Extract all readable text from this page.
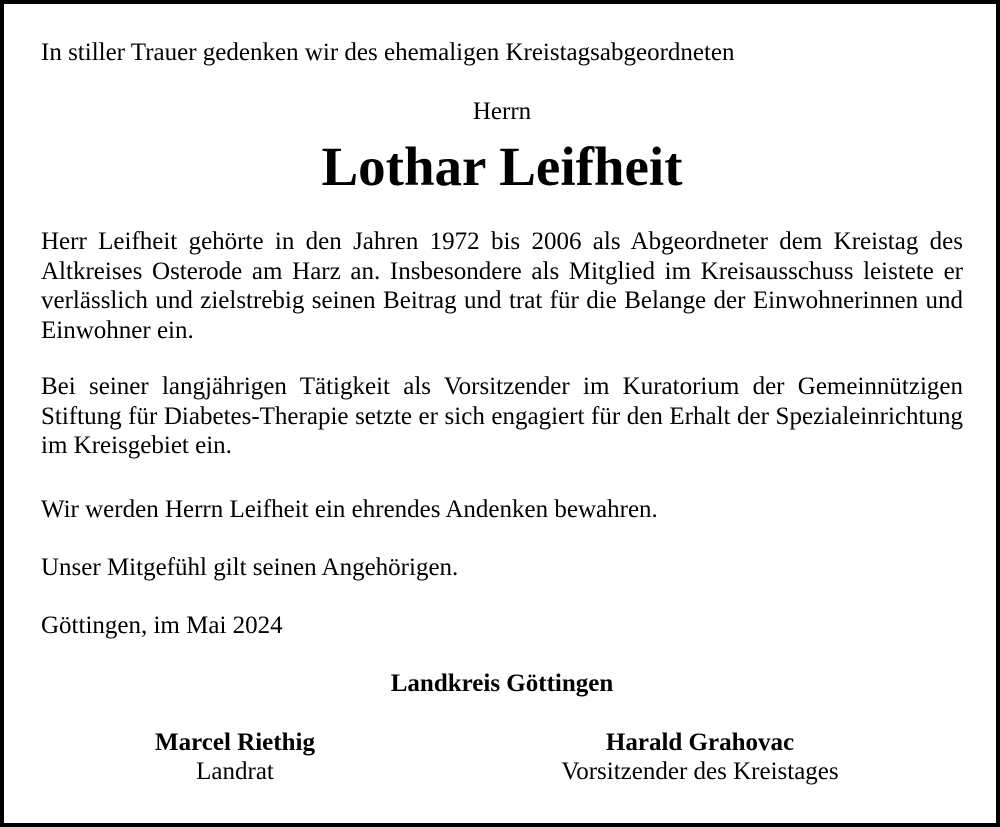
In stiller Trauer gedenken wir des ehemaligen Kreistagsabgeordneten
Herrn
Lothar Leifheit
Herr Leifheit gehörte in den Jahren 1972 bis 2006 als Abgeordneter dem Kreistag des Altkreises Osterode am Harz an. Insbesondere als Mitglied im Kreisausschuss leistete er verlässlich und zielstrebig seinen Beitrag und trat für die Belange der Einwohnerinnen und Einwohner ein.
Bei seiner langjährigen Tätigkeit als Vorsitzender im Kuratorium der Gemeinnützigen Stiftung für Diabetes-Therapie setzte er sich engagiert für den Erhalt der Spezialeinrichtung im Kreisgebiet ein.
Wir werden Herrn Leifheit ein ehrendes Andenken bewahren.
Unser Mitgefühl gilt seinen Angehörigen.
Göttingen, im Mai 2024
Landkreis Göttingen
Marcel Riethig
Landrat
Harald Grahovac
Vorsitzender des Kreistages
